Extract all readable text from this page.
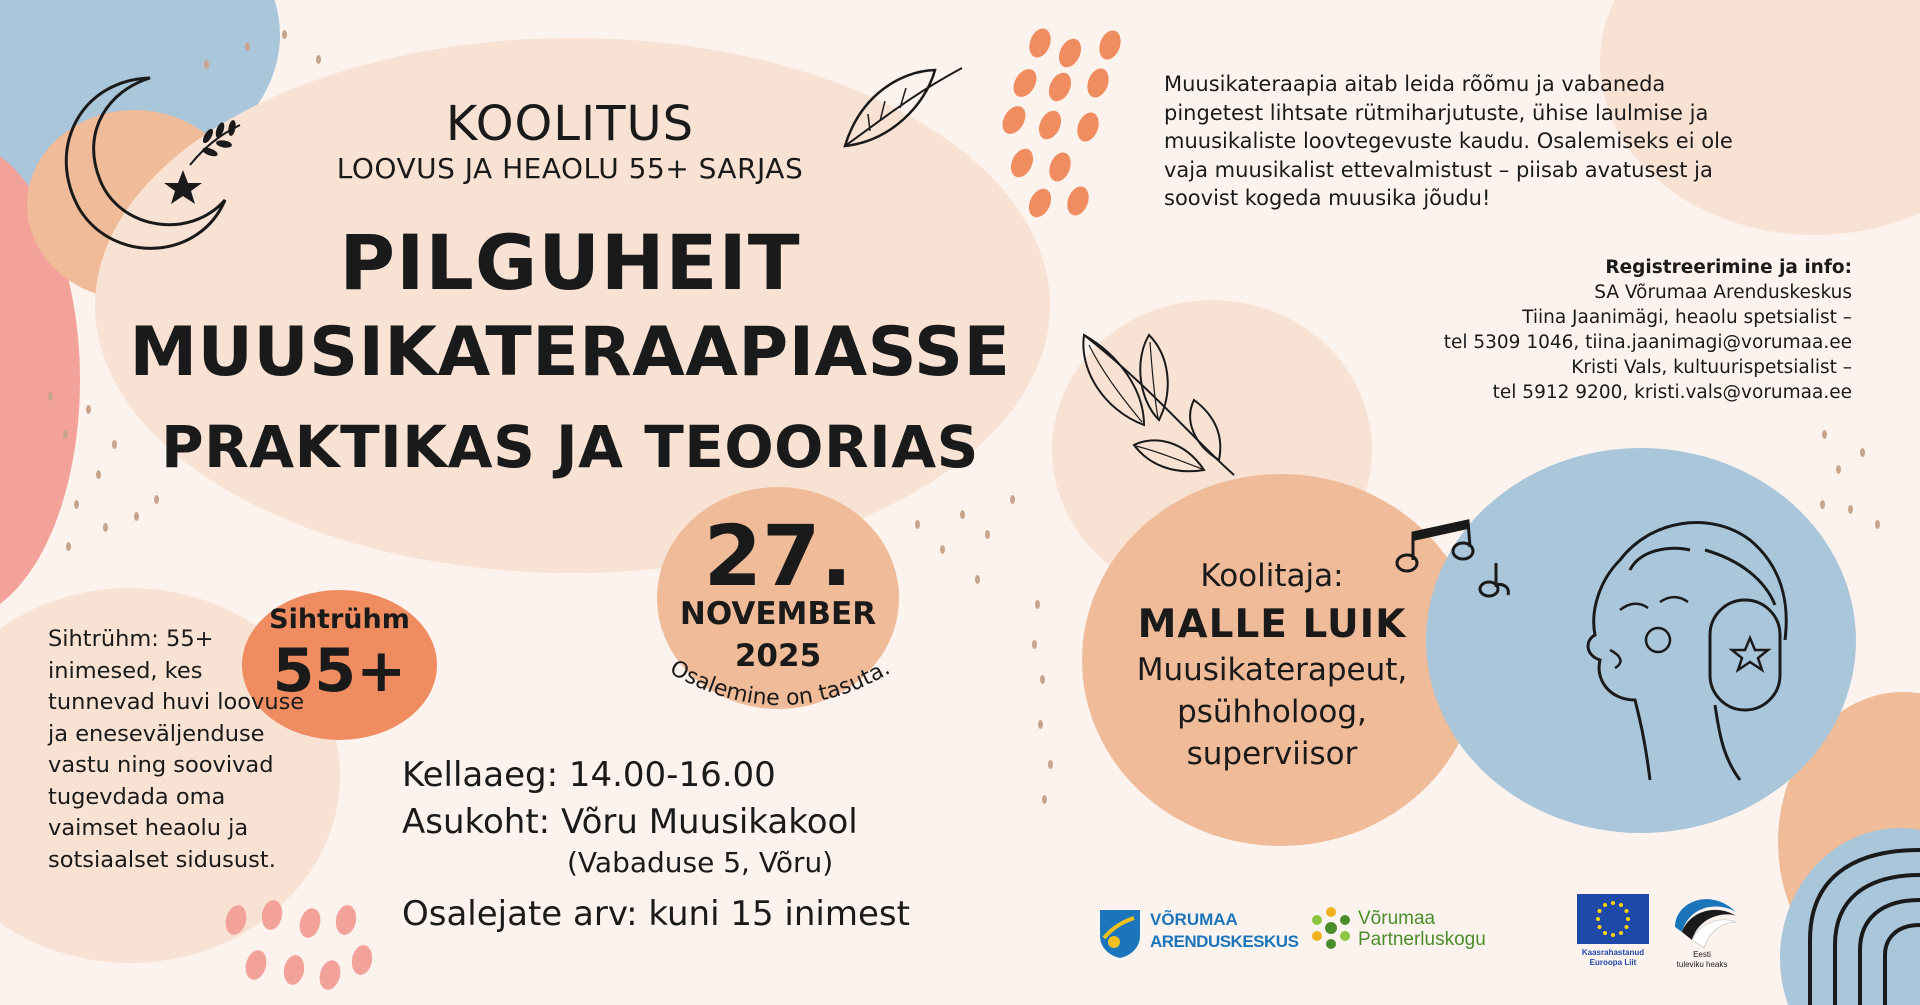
KOOLITUS
LOOVUS JA HEAOLU 55+ SARJAS
PILGUHEIT
MUUSIKATERAAPIASSE
PRAKTIKAS JA TEOORIAS
Muusikateraapia aitab leida rõõmu ja vabaneda pingetest lihtsate rütmiharjutuste, ühise laulmise ja muusikaliste loovtegevuste kaudu. Osalemiseks ei ole vaja muusikalist ettevalmistust – piisab avatusest ja soovist kogeda muusika jõudu!
Registreerimine ja info:
SA Võrumaa Arenduskeskus
Tiina Jaanimägi, heaolu spetsialist –
tel 5309 1046, tiina.jaanimagi@vorumaa.ee
Kristi Vals, kultuurispetsialist –
tel 5912 9200, kristi.vals@vorumaa.ee
27.
NOVEMBER
2025
Osalemine on tasuta.
Sihtrühm
55+
Sihtrühm: 55+ inimesed, kes tunnevad huvi loovuse ja eneseväljenduse vastu ning soovivad tugevdada oma vaimset heaolu ja sotsiaalset sidusust.
Kellaaeg: 14.00-16.00
Asukoht: Võru Muusikakool
(Vabaduse 5, Võru)
Osalejate arv: kuni 15 inimest
Koolitaja:
MALLE LUIK
Muusikaterapeut,
psühholoog,
superviisor
VÕRUMAA
ARENDUSKESKUS
Võrumaa
Partnerluskogu
Kaasrahastanud
Euroopa Liit
Eesti
tuleviku heaks
